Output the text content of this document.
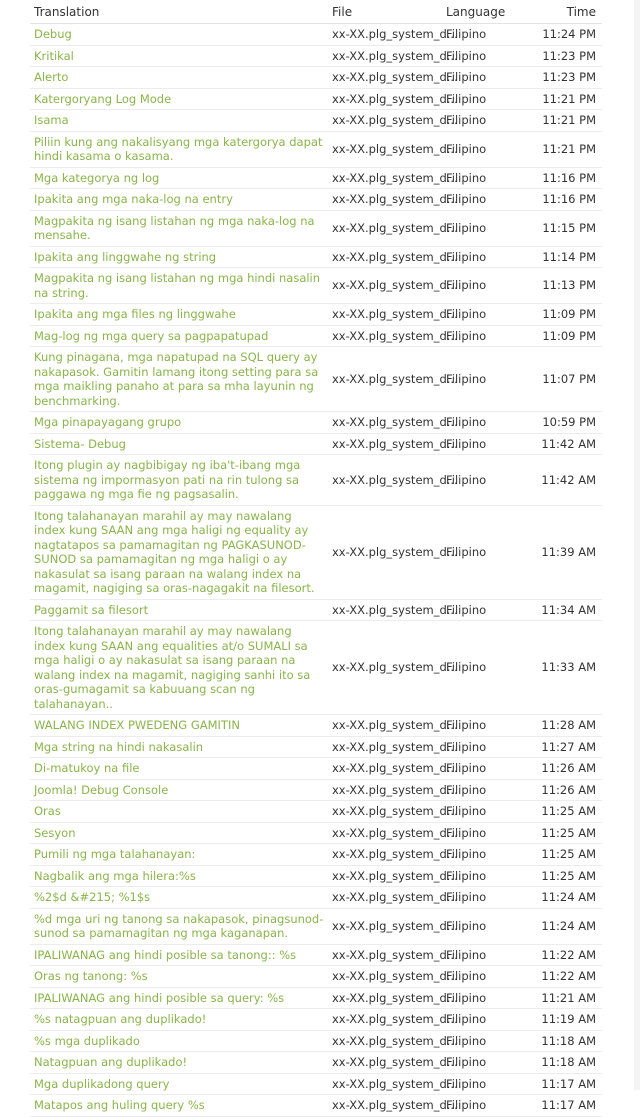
Translation	File	Language	Time

Debug	xx-XX.plg_system_d...	Filipino	11:24 PM

Kritikal	xx-XX.plg_system_d...	Filipino	11:23 PM

Alerto	xx-XX.plg_system_d...	Filipino	11:23 PM

Katergoryang Log Mode	xx-XX.plg_system_d...	Filipino	11:21 PM

Isama	xx-XX.plg_system_d...	Filipino	11:21 PM

Piliin kung ang nakalisyang mga katergorya dapat hindi kasama o kasama.	xx-XX.plg_system_d...	Filipino	11:21 PM

Mga kategorya ng log	xx-XX.plg_system_d...	Filipino	11:16 PM

Ipakita ang mga naka-log na entry	xx-XX.plg_system_d...	Filipino	11:16 PM

Magpakita ng isang listahan ng mga naka-log na mensahe.	xx-XX.plg_system_d...	Filipino	11:15 PM

Ipakita ang linggwahe ng string	xx-XX.plg_system_d...	Filipino	11:14 PM

Magpakita ng isang listahan ng mga hindi nasalin na string.	xx-XX.plg_system_d...	Filipino	11:13 PM

Ipakita ang mga files ng linggwahe	xx-XX.plg_system_d...	Filipino	11:09 PM

Mag-log ng mga query sa pagpapatupad	xx-XX.plg_system_d...	Filipino	11:09 PM

Kung pinagana, mga napatupad na SQL query ay nakapasok. Gamitin lamang itong setting para sa mga maikling panaho at para sa mha layunin ng benchmarking.	xx-XX.plg_system_d...	Filipino	11:07 PM

Mga pinapayagang grupo	xx-XX.plg_system_d...	Filipino	10:59 PM

Sistema- Debug	xx-XX.plg_system_d...	Filipino	11:42 AM

Itong plugin ay nagbibigay ng iba't-ibang mga sistema ng impormasyon pati na rin tulong sa paggawa ng mga fie ng pagsasalin.	xx-XX.plg_system_d...	Filipino	11:42 AM

Itong talahanayan marahil ay may nawalang index kung SAAN ang mga haligi ng equality ay nagtatapos sa pamamagitan ng PAGKASUNOD-SUNOD sa pamamagitan ng mga haligi o ay nakasulat sa isang paraan na walang index na magamit, nagiging sa oras-nagagakit na filesort.	xx-XX.plg_system_d...	Filipino	11:39 AM

Paggamit sa filesort	xx-XX.plg_system_d...	Filipino	11:34 AM

Itong talahanayan marahil ay may nawalang index kung SAAN ang equalities at/o SUMALI sa mga haligi o ay nakasulat sa isang paraan na walang index na magamit, nagiging sanhi ito sa oras-gumagamit sa kabuuang scan ng talahanayan..	xx-XX.plg_system_d...	Filipino	11:33 AM

WALANG INDEX PWEDENG GAMITIN	xx-XX.plg_system_d...	Filipino	11:28 AM

Mga string na hindi nakasalin	xx-XX.plg_system_d...	Filipino	11:27 AM

Di-matukoy na file	xx-XX.plg_system_d...	Filipino	11:26 AM

Joomla! Debug Console	xx-XX.plg_system_d...	Filipino	11:26 AM

Oras	xx-XX.plg_system_d...	Filipino	11:25 AM

Sesyon	xx-XX.plg_system_d...	Filipino	11:25 AM

Pumili ng mga talahanayan:	xx-XX.plg_system_d...	Filipino	11:25 AM

Nagbalik ang mga hilera:%s	xx-XX.plg_system_d...	Filipino	11:25 AM

%2$d &#215; %1$s	xx-XX.plg_system_d...	Filipino	11:24 AM

%d mga uri ng tanong sa nakapasok, pinagsunod-sunod sa pamamagitan ng mga kaganapan.	xx-XX.plg_system_d...	Filipino	11:24 AM

IPALIWANAG ang hindi posible sa tanong:: %s	xx-XX.plg_system_d...	Filipino	11:22 AM

Oras ng tanong: %s	xx-XX.plg_system_d...	Filipino	11:22 AM

IPALIWANAG ang hindi posible sa query: %s	xx-XX.plg_system_d...	Filipino	11:21 AM

%s natagpuan ang duplikado!	xx-XX.plg_system_d...	Filipino	11:19 AM

%s mga duplikado	xx-XX.plg_system_d...	Filipino	11:18 AM

Natagpuan ang duplikado!	xx-XX.plg_system_d...	Filipino	11:18 AM

Mga duplikadong query	xx-XX.plg_system_d...	Filipino	11:17 AM

Matapos ang huling query %s	xx-XX.plg_system_d...	Filipino	11:17 AM
